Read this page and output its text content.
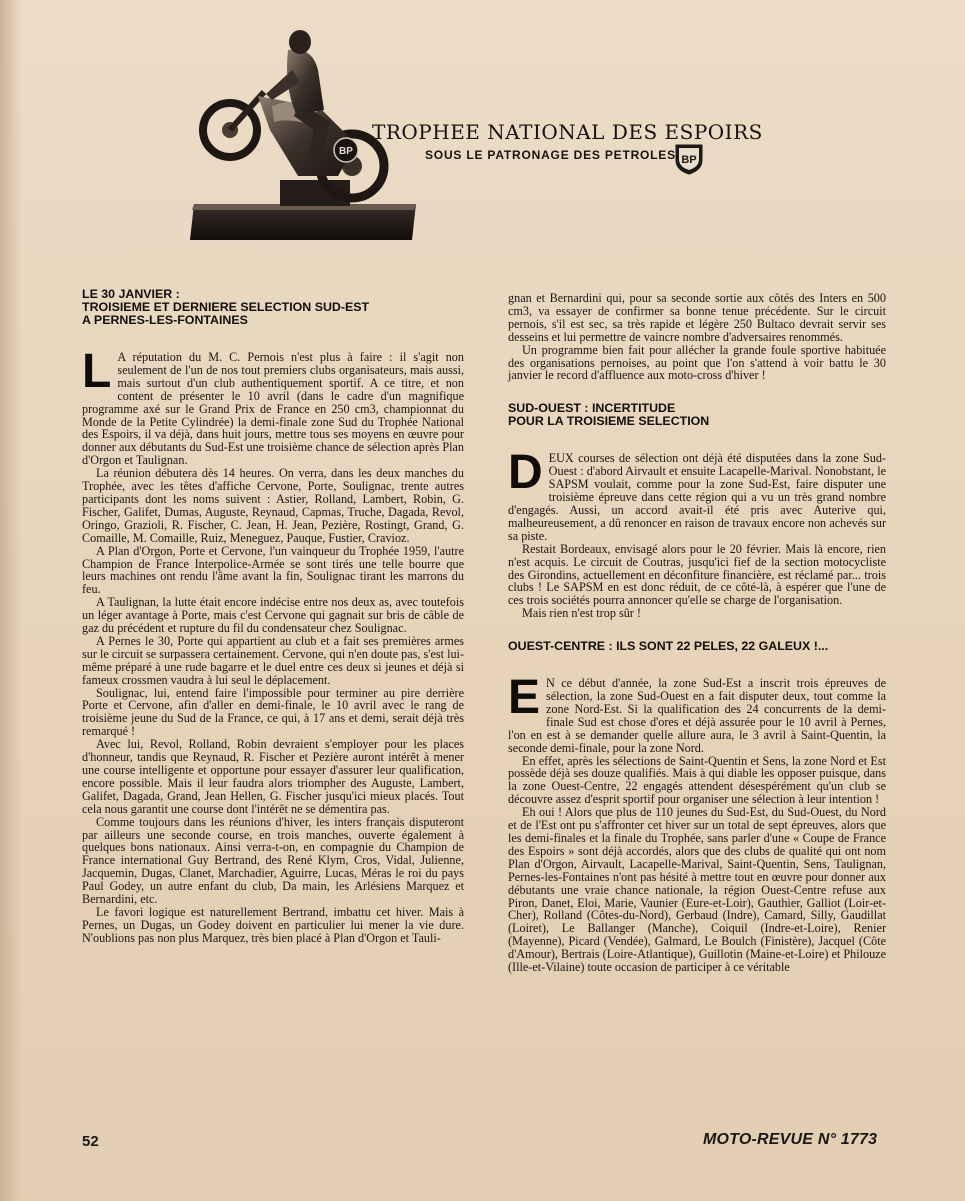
BP
TROPHEE NATIONAL DES ESPOIRS
SOUS LE PATRONAGE DES PETROLES BP
LE 30 JANVIER :
TROISIEME ET DERNIERE SELECTION SUD-EST
A PERNES-LES-FONTAINES

L A réputation du M. C. Pernois n'est plus à faire : il s'agit non seulement de l'un de nos tout premiers clubs organisateurs, mais aussi, mais surtout d'un club authentiquement sportif. A ce titre, et non content de présenter le 10 avril (dans le cadre d'un magnifique programme axé sur le Grand Prix de France en 250 cm3, championnat du Monde de la Petite Cylindrée) la demi-finale zone Sud du Trophée National des Espoirs, il va déjà, dans huit jours, mettre tous ses moyens en œuvre pour donner aux débutants du Sud-Est une troisième chance de sélection après Plan d'Orgon et Taulignan.

La réunion débutera dès 14 heures. On verra, dans les deux manches du Trophée, avec les têtes d'affiche Cervone, Porte, Soulignac, trente autres participants dont les noms suivent : Astier, Rolland, Lambert, Robin, G. Fischer, Galifet, Dumas, Auguste, Reynaud, Capmas, Truche, Dagada, Revol, Oringo, Grazioli, R. Fischer, C. Jean, H. Jean, Pezière, Rostingt, Grand, G. Comaille, M. Comaille, Ruiz, Meneguez, Pauque, Fustier, Cravioz.

A Plan d'Orgon, Porte et Cervone, l'un vainqueur du Trophée 1959, l'autre Champion de France Interpolice-Armée se sont tirés une telle bourre que leurs machines ont rendu l'âme avant la fin, Soulignac tirant les marrons du feu.

A Taulignan, la lutte était encore indécise entre nos deux as, avec toutefois un léger avantage à Porte, mais c'est Cervone qui gagnait sur bris de câble de gaz du précédent et rupture du fil du condensateur chez Soulignac.

A Pernes le 30, Porte qui appartient au club et a fait ses premières armes sur le circuit se surpassera certainement. Cervone, qui n'en doute pas, s'est lui-même préparé à une rude bagarre et le duel entre ces deux si jeunes et déjà si fameux crossmen vaudra à lui seul le déplacement.

Soulignac, lui, entend faire l'impossible pour terminer au pire derrière Porte et Cervone, afin d'aller en demi-finale, le 10 avril avec le rang de troisième jeune du Sud de la France, ce qui, à 17 ans et demi, serait déjà très remarqué !

Avec lui, Revol, Rolland, Robin devraient s'employer pour les places d'honneur, tandis que Reynaud, R. Fischer et Pezière auront intérêt à mener une course intelligente et opportune pour essayer d'assurer leur qualification, encore possible. Mais il leur faudra alors triompher des Auguste, Lambert, Galifet, Dagada, Grand, Jean Hellen, G. Fischer jusqu'ici mieux placés. Tout cela nous garantit une course dont l'intérêt ne se démentira pas.

Comme toujours dans les réunions d'hiver, les inters français disputeront par ailleurs une seconde course, en trois manches, ouverte également à quelques bons nationaux. Ainsi verra-t-on, en compagnie du Champion de France international Guy Bertrand, des René Klym, Cros, Vidal, Julienne, Jacquemin, Dugas, Clanet, Marchadier, Aguirre, Lucas, Méras le roi du pays Paul Godey, un autre enfant du club, Da main, les Arlésiens Marquez et Bernardini, etc.

Le favori logique est naturellement Bertrand, imbattu cet hiver. Mais à Pernes, un Dugas, un Godey doivent en particulier lui mener la vie dure. N'oublions pas non plus Marquez, très bien placé à Plan d'Orgon et Tauli-

gnan et Bernardini qui, pour sa seconde sortie aux côtés des Inters en 500 cm3, va essayer de confirmer sa bonne tenue précédente. Sur le circuit pernois, s'il est sec, sa très rapide et légère 250 Bultaco devrait servir ses desseins et lui permettre de vaincre nombre d'adversaires renommés.

Un programme bien fait pour allécher la grande foule sportive habituée des organisations pernoises, au point que l'on s'attend à voir battu le 30 janvier le record d'affluence aux moto-cross d'hiver !

SUD-OUEST : INCERTITUDE
POUR LA TROISIEME SELECTION

DEUX courses de sélection ont déjà été disputées dans la zone Sud-Ouest : d'abord Airvault et ensuite Lacapelle-Marival. Nonobstant, le SAPSM voulait, comme pour la zone Sud-Est, faire disputer une troisième épreuve dans cette région qui a vu un très grand nombre d'engagés. Aussi, un accord avait-il été pris avec Auterive qui, malheureusement, a dû renoncer en raison de travaux encore non achevés sur sa piste.

Restait Bordeaux, envisagé alors pour le 20 février. Mais là encore, rien n'est acquis. Le circuit de Coutras, jusqu'ici fief de la section motocycliste des Girondins, actuellement en déconfiture financière, est réclamé par... trois clubs ! Le SAPSM en est donc réduit, de ce côté-là, à espérer que l'une de ces trois sociétés pourra annoncer qu'elle se charge de l'organisation.

Mais rien n'est trop sûr !

OUEST-CENTRE : ILS SONT 22 PELES, 22 GALEUX !...

E N ce début d'année, la zone Sud-Est a inscrit trois épreuves de sélection, la zone Sud-Ouest en a fait disputer deux, tout comme la zone Nord-Est. Si la qualification des 24 concurrents de la demi-finale Sud est chose d'ores et déjà assurée pour le 10 avril à Pernes, l'on en est à se demander quelle allure aura, le 3 avril à Saint-Quentin, la seconde demi-finale, pour la zone Nord.

En effet, après les sélections de Saint-Quentin et Sens, la zone Nord et Est possède déjà ses douze qualifiés. Mais à qui diable les opposer puisque, dans la zone Ouest-Centre, 22 engagés attendent désespérément qu'un club se découvre assez d'esprit sportif pour organiser une sélection à leur intention !

Eh oui ! Alors que plus de 110 jeunes du Sud-Est, du Sud-Ouest, du Nord et de l'Est ont pu s'affronter cet hiver sur un total de sept épreuves, alors que les demi-finales et la finale du Trophée, sans parler d'une « Coupe de France des Espoirs » sont déjà accordés, alors que des clubs de qualité qui ont nom Plan d'Orgon, Airvault, Lacapelle-Marival, Saint-Quentin, Sens, Taulignan, Pernes-les-Fontaines n'ont pas hésité à mettre tout en œuvre pour donner aux débutants une vraie chance nationale, la région Ouest-Centre refuse aux Piron, Danet, Eloi, Marie, Vaunier (Eure-et-Loir), Gauthier, Galliot (Loir-et-Cher), Rolland (Côtes-du-Nord), Gerbaud (Indre), Camard, Silly, Gaudillat (Loiret), Le Ballanger (Manche), Coiquil (Indre-et-Loire), Renier (Mayenne), Picard (Vendée), Galmard, Le Boulch (Finistère), Jacquel (Côte d'Amour), Bertrais (Loire-Atlantique), Guillotin (Maine-et-Loire) et Philouze (Ille-et-Vilaine) toute occasion de participer à ce véritable

52	MOTO-REVUE N° 1773
